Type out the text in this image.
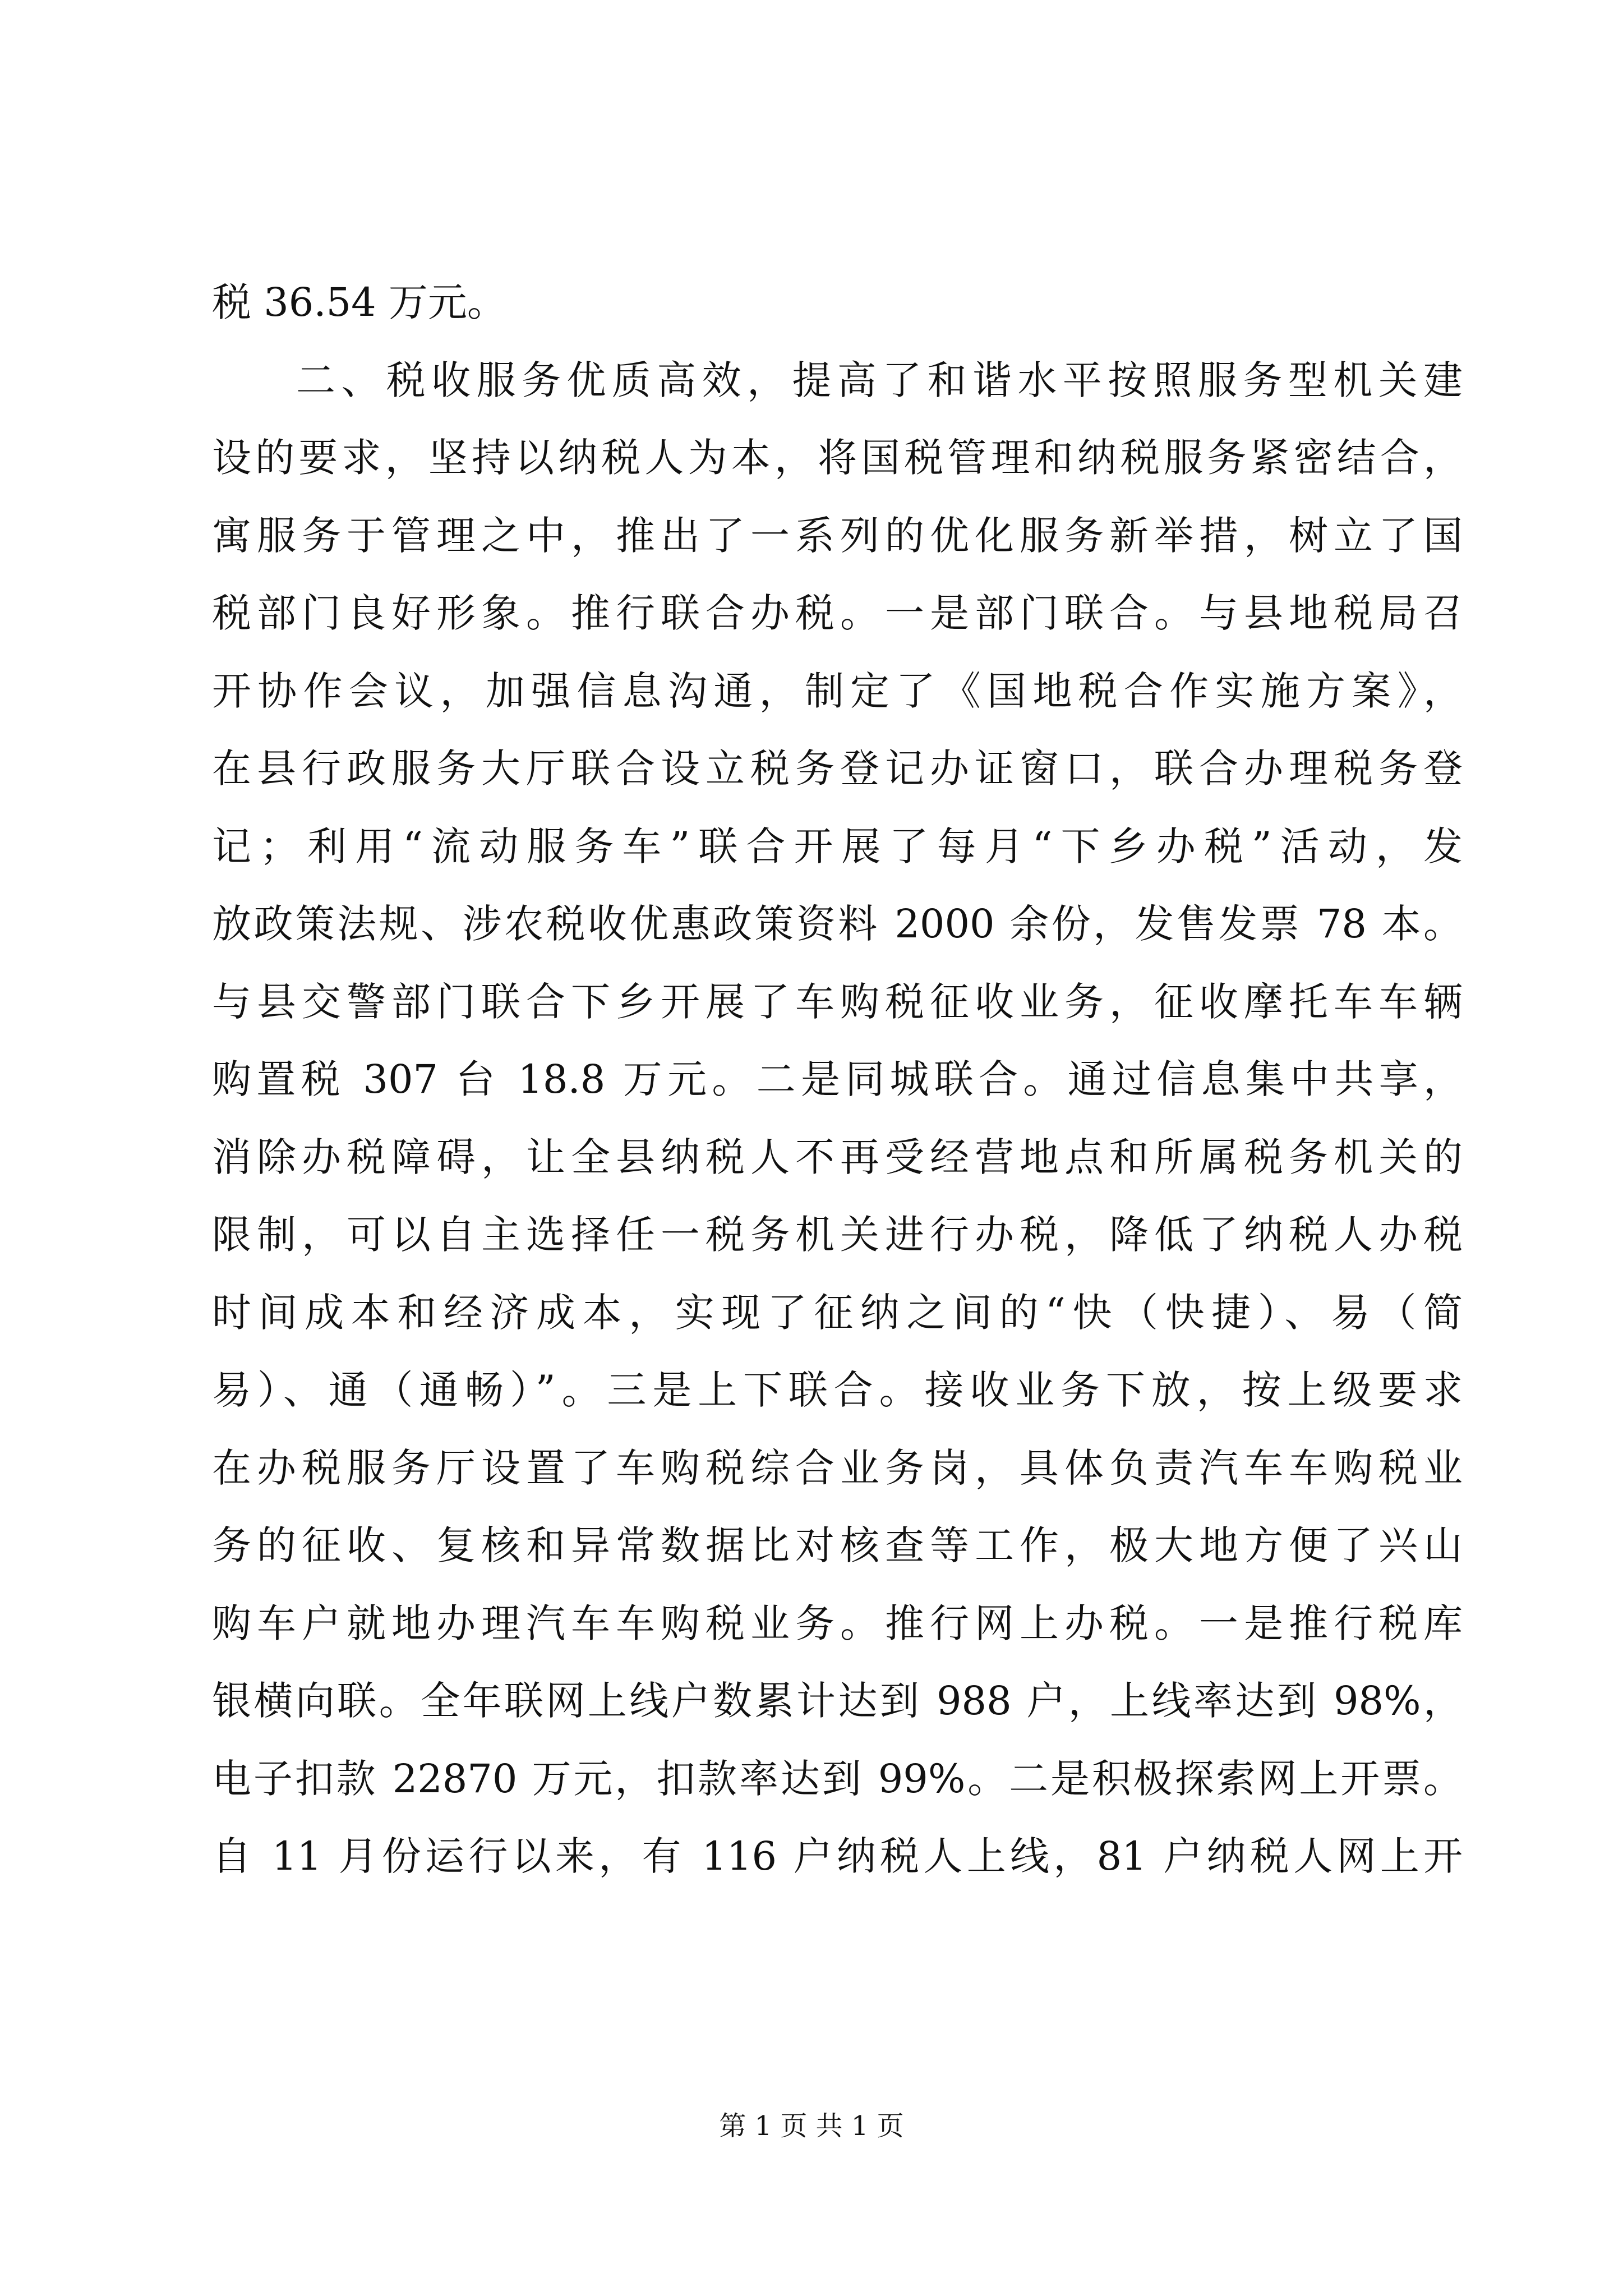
税 36.54 万元。
二、税收服务优质高效，提高了和谐水平按照服务型机关建
设的要求，坚持以纳税人为本，将国税管理和纳税服务紧密结合，
寓服务于管理之中，推出了一系列的优化服务新举措，树立了国
税部门良好形象。推行联合办税。一是部门联合。与县地税局召
开协作会议，加强信息沟通，制定了《国地税合作实施方案》，
在县行政服务大厅联合设立税务登记办证窗口，联合办理税务登
记；利用“流动服务车”联合开展了每月“下乡办税”活动，发
放政策法规、涉农税收优惠政策资料 2000 余份，发售发票 78 本。
与县交警部门联合下乡开展了车购税征收业务，征收摩托车车辆
购置税 307 台 18.8 万元。二是同城联合。通过信息集中共享，
消除办税障碍，让全县纳税人不再受经营地点和所属税务机关的
限制，可以自主选择任一税务机关进行办税，降低了纳税人办税
时间成本和经济成本，实现了征纳之间的“快（快捷）、易（简
易）、通（通畅）”。三是上下联合。接收业务下放，按上级要求
在办税服务厅设置了车购税综合业务岗，具体负责汽车车购税业
务的征收、复核和异常数据比对核查等工作，极大地方便了兴山
购车户就地办理汽车车购税业务。推行网上办税。一是推行税库
银横向联。全年联网上线户数累计达到 988 户，上线率达到 98%，
电子扣款 22870 万元，扣款率达到 99%。二是积极探索网上开票。
自 11 月份运行以来，有 116 户纳税人上线，81 户纳税人网上开
第 1 页 共 1 页
